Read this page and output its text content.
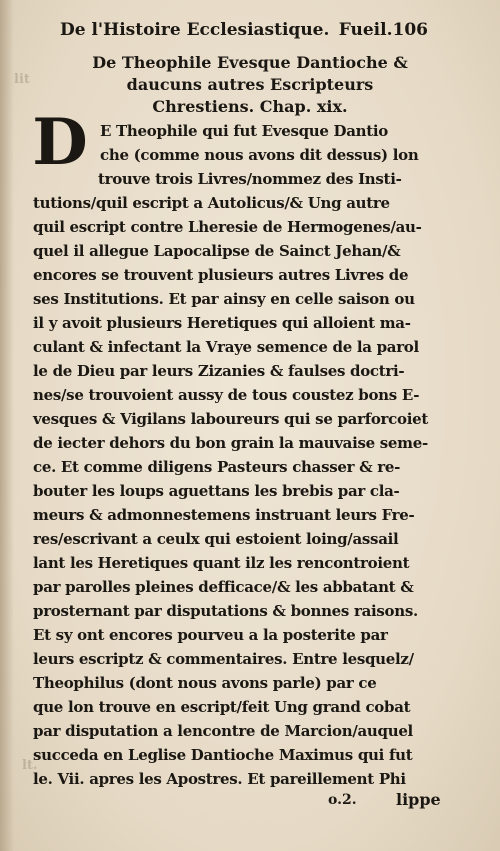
lit
lt.
De l'Histoire Ecclesiastique. Fueil.106
De Theophile Evesque Dantioche &
daucuns autres Escripteurs
Chrestiens. Chap. xix.
D E Theophile qui fut Evesque Dantio
che (comme nous avons dit dessus) lon
trouve trois Livres/nommez des Insti-
tutions/quil escript a Autolicus/& Ung autre
quil escript contre Lheresie de Hermogenes/au-
quel il allegue Lapocalipse de Sainct Jehan/&
encores se trouvent plusieurs autres Livres de
ses Institutions. Et par ainsy en celle saison ou
il y avoit plusieurs Heretiques qui alloient ma-
culant & infectant la Vraye semence de la parol
le de Dieu par leurs Zizanies & faulses doctri-
nes/se trouvoient aussy de tous coustez bons E-
vesques & Vigilans laboureurs qui se parforcoiet
de iecter dehors du bon grain la mauvaise seme-
ce. Et comme diligens Pasteurs chasser & re-
bouter les loups aguettans les brebis par cla-
meurs & admonnestemens instruant leurs Fre-
res/escrivant a ceulx qui estoient loing/assail
lant les Heretiques quant ilz les rencontroient
par parolles pleines defficace/& les abbatant &
prosternant par disputations & bonnes raisons.
Et sy ont encores pourveu a la posterite par
leurs escriptz & commentaires. Entre lesquelz/
Theophilus (dont nous avons parle) par ce
que lon trouve en escript/feit Ung grand cobat
par disputation a lencontre de Marcion/auquel
succeda en Leglise Dantioche Maximus qui fut
le. Vii. apres les Apostres. Et pareillement Phi
o.2. lippe
